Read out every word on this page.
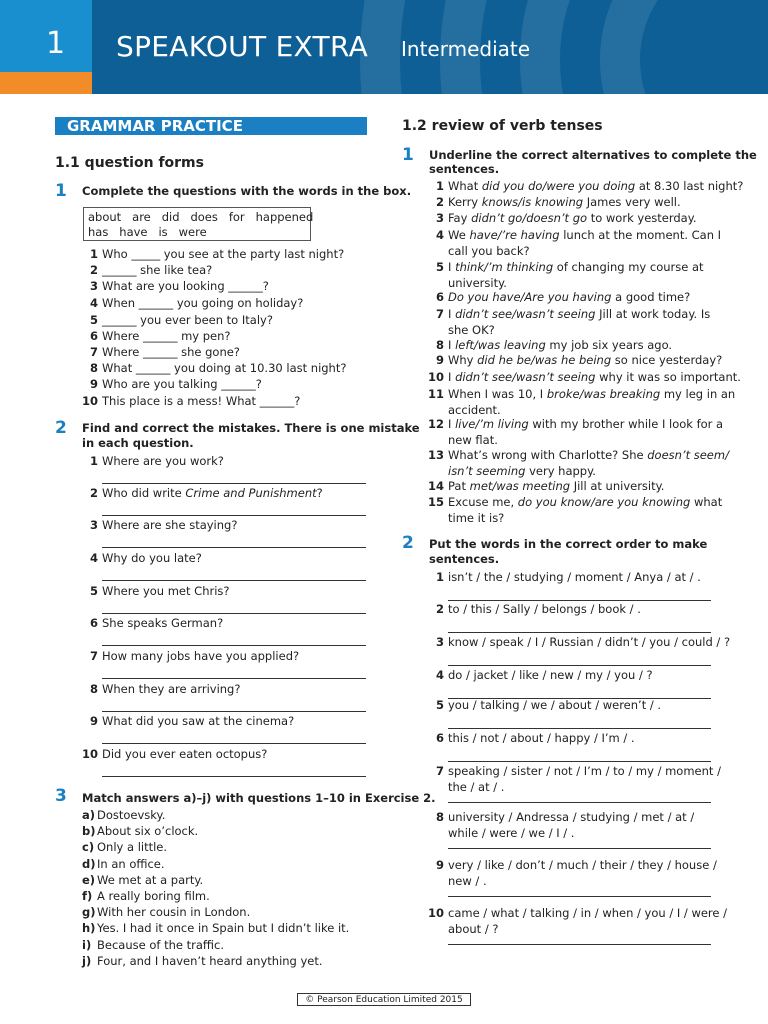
1 SPEAKOUT EXTRA Intermediate
GRAMMAR PRACTICE
1.1 question forms
1 Complete the questions with the words in the box.
about   are   did   does   for   happened
has   have   is   were
1 Who _____ you see at the party last night?
2 ______ she like tea?
3 What are you looking ______?
4 When ______ you going on holiday?
5 ______ you ever been to Italy?
6 Where ______ my pen?
7 Where ______ she gone?
8 What ______ you doing at 10.30 last night?
9 Who are you talking ______?
10 This place is a mess! What ______?
2 Find and correct the mistakes. There is one mistake
in each question.
1 Where are you work?
2 Who did write Crime and Punishment?
3 Where are she staying?
4 Why do you late?
5 Where you met Chris?
6 She speaks German?
7 How many jobs have you applied?
8 When they are arriving?
9 What did you saw at the cinema?
10 Did you ever eaten octopus?
3 Match answers a)–j) with questions 1–10 in Exercise 2.
a) Dostoevsky.
b) About six o’clock.
c) Only a little.
d) In an office.
e) We met at a party.
f) A really boring film.
g) With her cousin in London.
h) Yes. I had it once in Spain but I didn’t like it.
i) Because of the traffic.
j) Four, and I haven’t heard anything yet.
1.2 review of verb tenses
1 Underline the correct alternatives to complete the
sentences.
1 What did you do/were you doing at 8.30 last night?
2 Kerry knows/is knowing James very well.
3 Fay didn’t go/doesn’t go to work yesterday.
4 We have/’re having lunch at the moment. Can I
call you back?
5 I think/’m thinking of changing my course at
university.
6 Do you have/Are you having a good time?
7 I didn’t see/wasn’t seeing Jill at work today. Is
she OK?
8 I left/was leaving my job six years ago.
9 Why did he be/was he being so nice yesterday?
10 I didn’t see/wasn’t seeing why it was so important.
11 When I was 10, I broke/was breaking my leg in an
accident.
12 I live/’m living with my brother while I look for a
new flat.
13 What’s wrong with Charlotte? She doesn’t seem/
isn’t seeming very happy.
14 Pat met/was meeting Jill at university.
15 Excuse me, do you know/are you knowing what
time it is?
2 Put the words in the correct order to make
sentences.
1 isn’t / the / studying / moment / Anya / at / .
2 to / this / Sally / belongs / book / .
3 know / speak / I / Russian / didn’t / you / could / ?
4 do / jacket / like / new / my / you / ?
5 you / talking / we / about / weren’t / .
6 this / not / about / happy / I’m / .
7 speaking / sister / not / I’m / to / my / moment /
the / at / .
8 university / Andressa / studying / met / at /
while / were / we / I / .
9 very / like / don’t / much / their / they / house /
new / .
10 came / what / talking / in / when / you / I / were /
about / ?
© Pearson Education Limited 2015
